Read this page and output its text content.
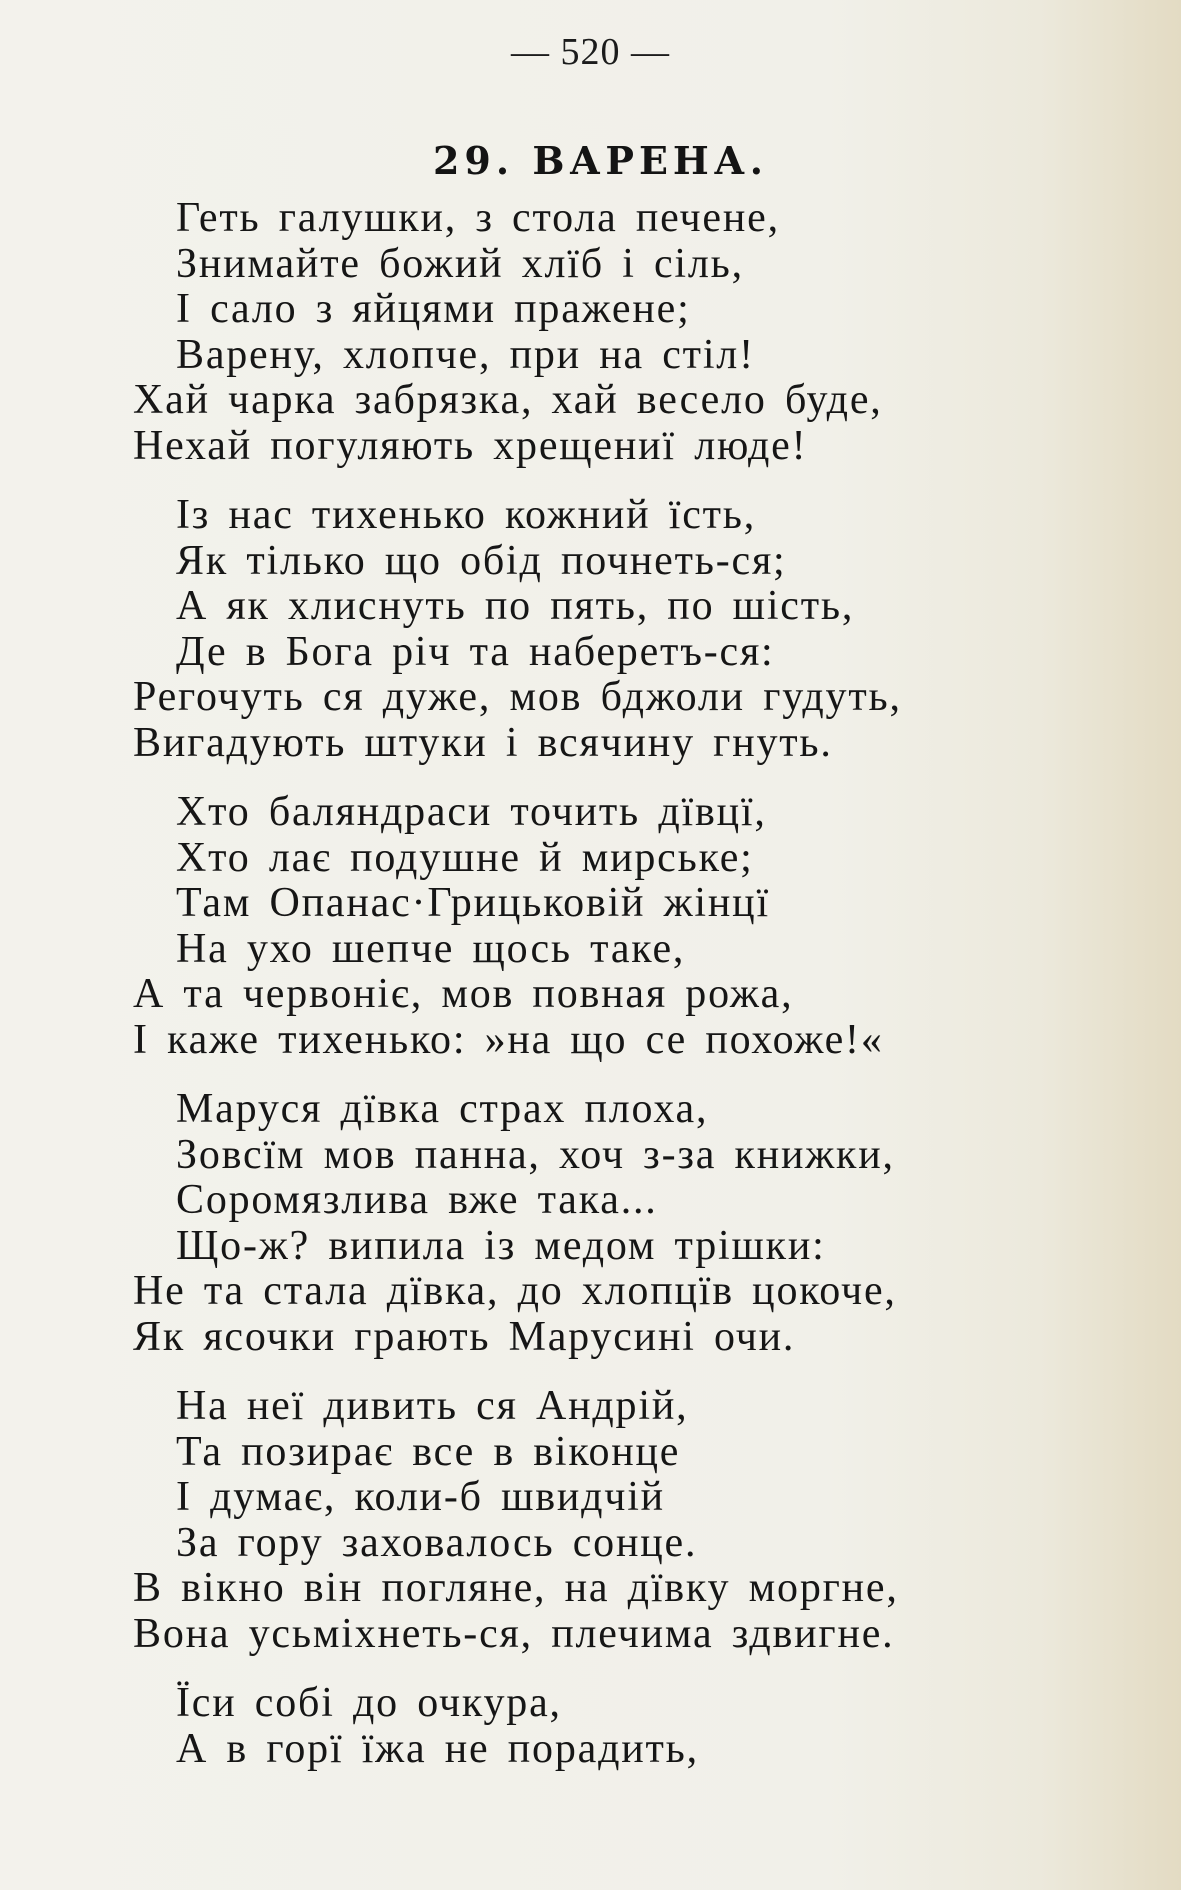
— 520 —
29. ВАРЕНА.
Геть галушки, з стола печене,
Знимайте божий хлїб і сіль,
І сало з яйцями пражене;
Варену, хлопче, при на стіл!
Хай чарка забрязка, хай весело буде,
Нехай погуляють хрещениї люде!
Із нас тихенько кожний їсть,
Як тілько що обід почнеть-ся;
А як хлиснуть по пять, по шість,
Де в Бога річ та наберетъ-ся:
Регочуть ся дуже, мов бджоли гудуть,
Вигадують штуки і всячину гнуть.
Хто баляндраси точить дївцї,
Хто лає подушне й мирське;
Там Опанас·Грицьковій жінцї
На ухо шепче щось таке,
А та червоніє, мов повная рожа,
І каже тихенько: »на що се похоже!«
Маруся дївка страх плоха,
Зовсїм мов панна, хоч з-за книжки,
Соромязлива вже така...
Що-ж? випила із медом трішки:
Не та стала дївка, до хлопцїв цокоче,
Як ясочки грають Марусині очи.
На неї дивить ся Андрій,
Та позирає все в віконце
І думає, коли-б швидчій
За гору заховалось сонце.
В вікно він погляне, на дївку моргне,
Вона усьміхнеть-ся, плечима здвигне.
Їси собі до очкура,
А в горї їжа не порадить,
